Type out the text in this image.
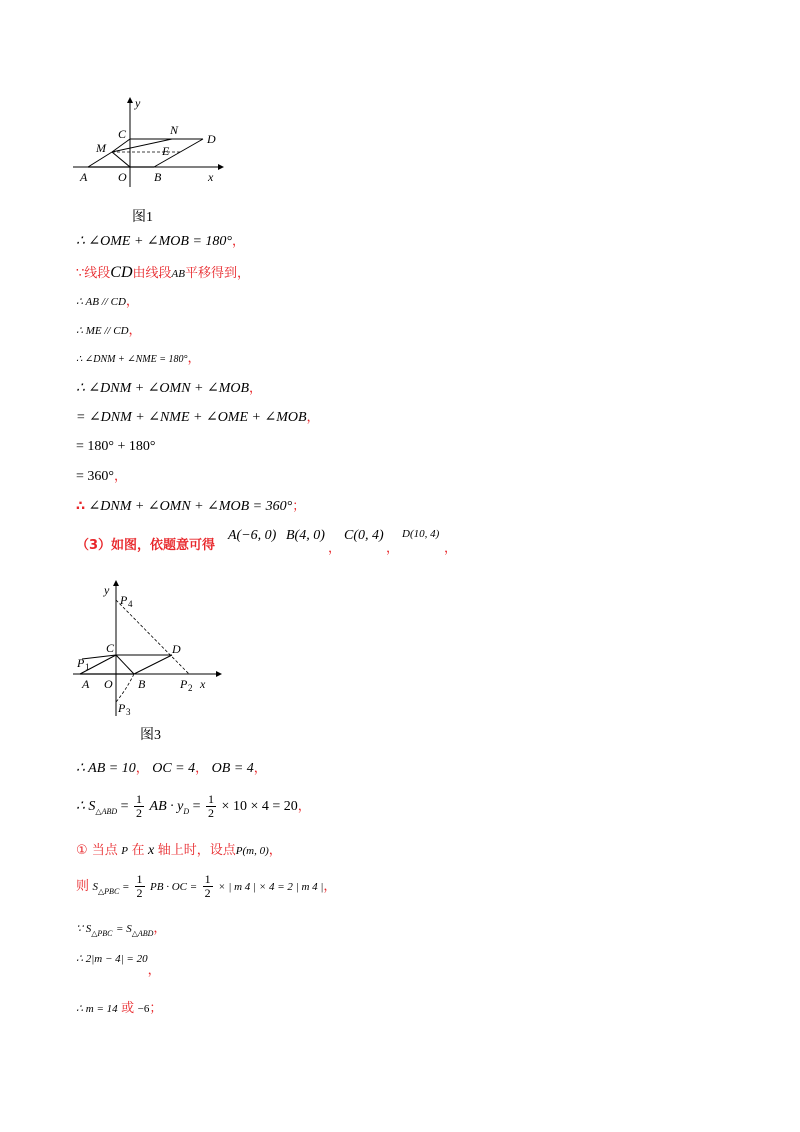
y
x
C	N
D
M	E
A	O B
图1
∴ ∠OME + ∠MOB = 180°，
∵线段CD由线段AB平移得到，
∴ AB // CD，
∴ ME // CD，
∴ ∠DNM + ∠NME = 180°，
∴ ∠DNM + ∠OMN + ∠MOB，
= ∠DNM + ∠NME + ∠OME + ∠MOB，
= 180° + 180°
= 360°，
∴ ∠DNM + ∠OMN + ∠MOB = 360°；
（3）如图，依题意可得
A(−6, 0) B(4, 0)
，
C(0, 4)
，
D(10, 4)
，
y
P 4
C	D
P 1
A O B	P 2 x
P 3
图3
∴ AB = 10， OC = 4， OB = 4，
∴ $S_{\triangle ABD} = \frac{1}{2}$ AB · $y_D = \frac{1}{2} \times 10 \times 4 = 20$，
① 当点 P 在 x 轴上时，设点P(m, 0)，
则 $S_{\triangle PBC} = \frac{1}{2}$ PB · OC = $\frac{1}{2}$ × | m 4 | × 4 = 2 | m 4 |，
∵ $S_{\triangle PBC} = S_{\triangle ABD}$，
∴ 2|m − 4| = 20，
∴ m = 14 或 −6；
